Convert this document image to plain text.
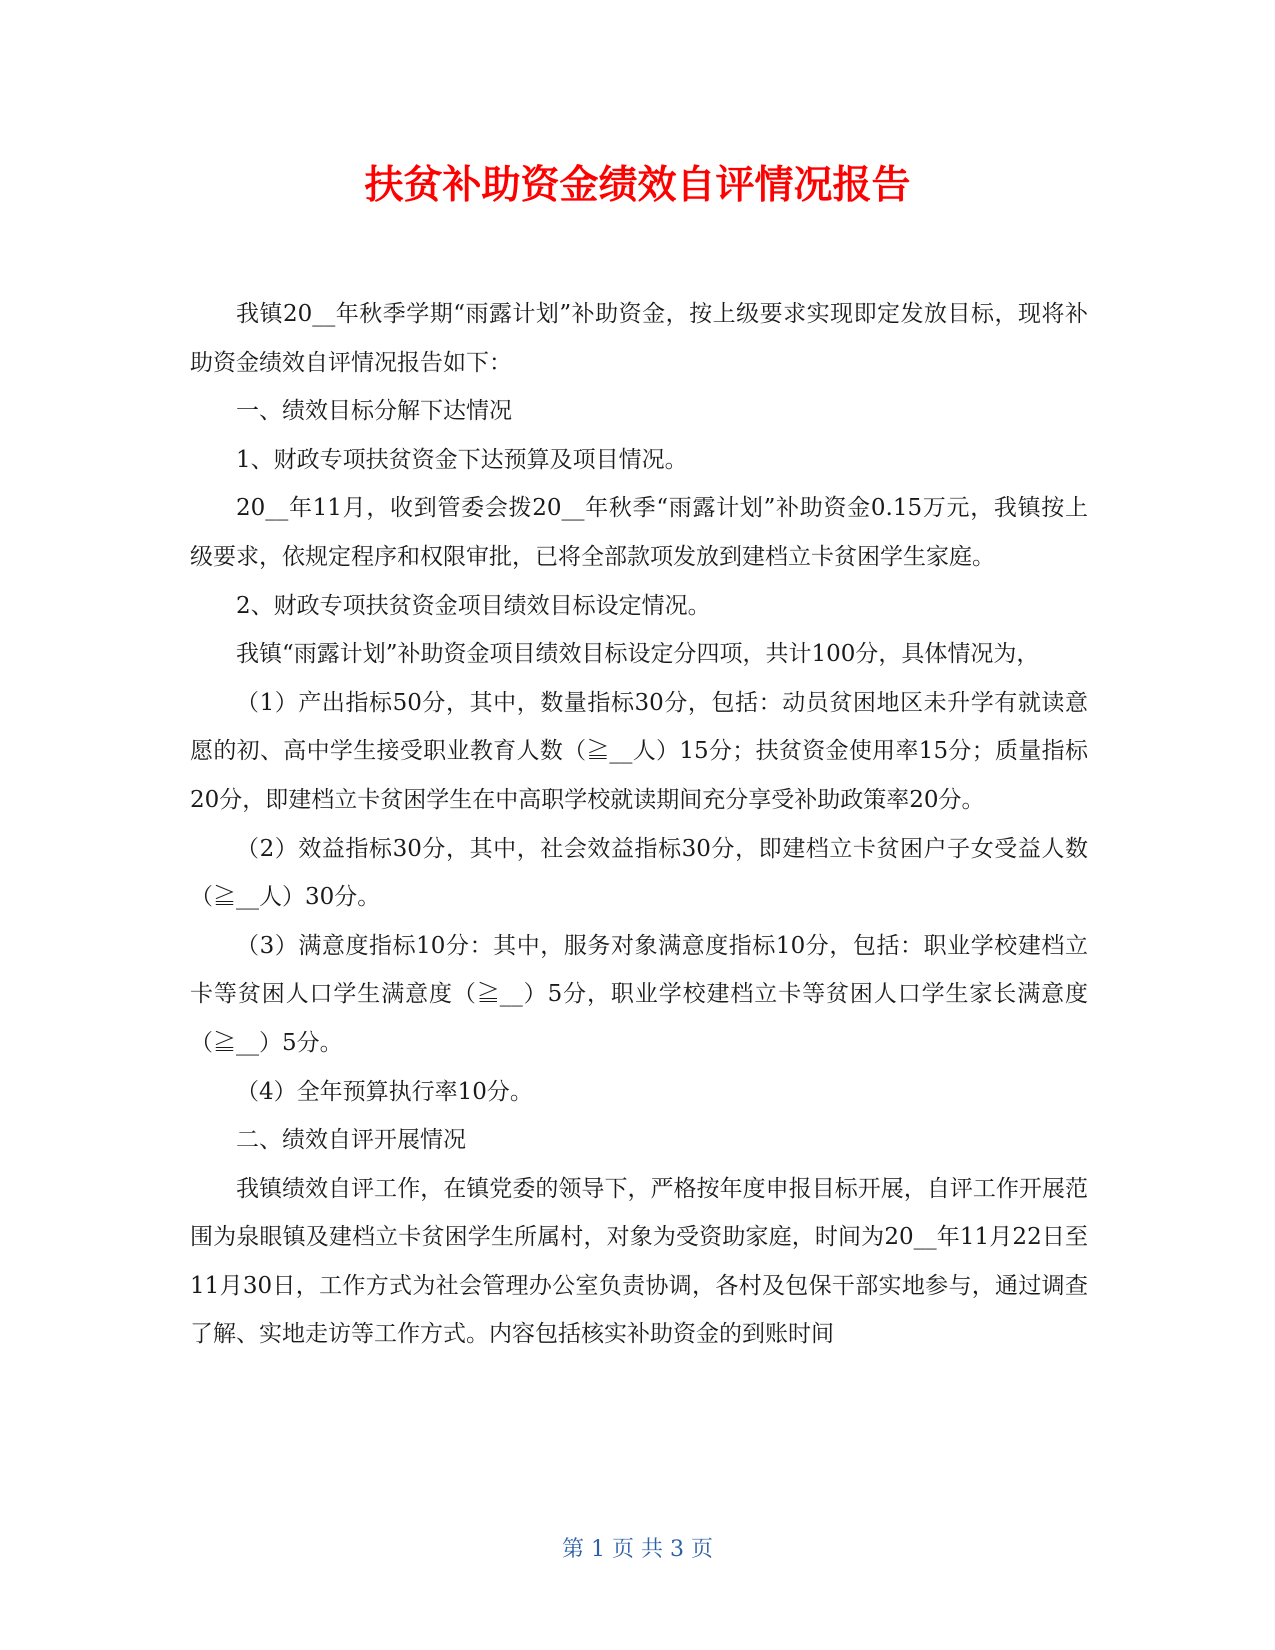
扶贫补助资金绩效自评情况报告

我镇20__年秋季学期“雨露计划”补助资金，按上级要求实现即定发放目标，现将补助资金绩效自评情况报告如下：

一、绩效目标分解下达情况

1、财政专项扶贫资金下达预算及项目情况。

20__年11月，收到管委会拨20__年秋季“雨露计划”补助资金0.15万元，我镇按上级要求，依规定程序和权限审批，已将全部款项发放到建档立卡贫困学生家庭。

2、财政专项扶贫资金项目绩效目标设定情况。

我镇“雨露计划”补助资金项目绩效目标设定分四项，共计100分，具体情况为，

（1）产出指标50分，其中，数量指标30分，包括：动员贫困地区未升学有就读意愿的初、高中学生接受职业教育人数（≧__人）15分；扶贫资金使用率15分；质量指标20分，即建档立卡贫困学生在中高职学校就读期间充分享受补助政策率20分。

（2）效益指标30分，其中，社会效益指标30分，即建档立卡贫困户子女受益人数（≧__人）30分。

（3）满意度指标10分：其中，服务对象满意度指标10分，包括：职业学校建档立卡等贫困人口学生满意度（≧__）5分，职业学校建档立卡等贫困人口学生家长满意度（≧__）5分。

（4）全年预算执行率10分。

二、绩效自评开展情况

我镇绩效自评工作，在镇党委的领导下，严格按年度申报目标开展，自评工作开展范围为泉眼镇及建档立卡贫困学生所属村，对象为受资助家庭，时间为20__年11月22日至11月30日，工作方式为社会管理办公室负责协调，各村及包保干部实地参与，通过调查了解、实地走访等工作方式。内容包括核实补助资金的到账时间

第 1 页 共 3 页
